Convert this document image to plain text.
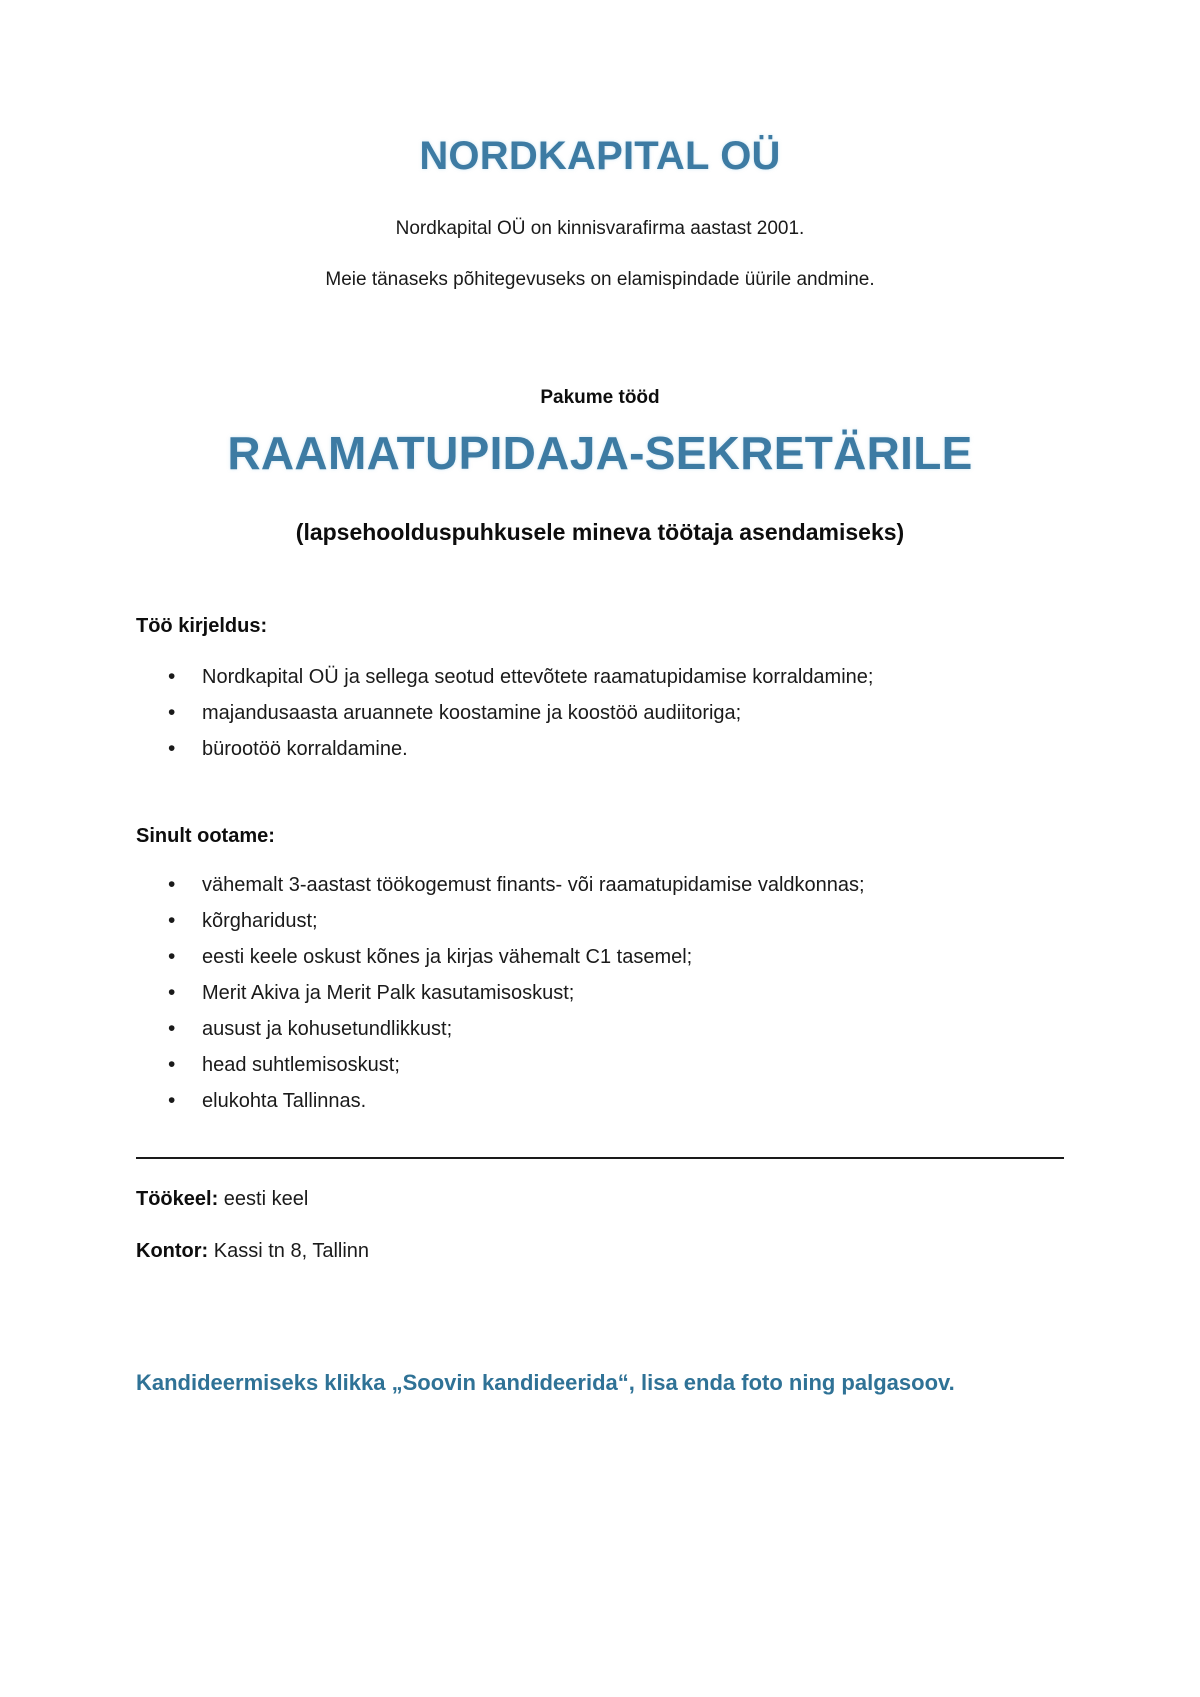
NORDKAPITAL OÜ

Nordkapital OÜ on kinnisvarafirma aastast 2001.

Meie tänaseks põhitegevuseks on elamispindade üürile andmine.

Pakume tööd

RAAMATUPIDAJA-SEKRETÄRILE

(lapsehoolduspuhkusele mineva töötaja asendamiseks)

Töö kirjeldus:
• Nordkapital OÜ ja sellega seotud ettevõtete raamatupidamise korraldamine;
• majandusaasta aruannete koostamine ja koostöö audiitoriga;
• bürootöö korraldamine.
Sinult ootame:
• vähemalt 3-aastast töökogemust finants- või raamatupidamise valdkonnas;
• kõrgharidust;
• eesti keele oskust kõnes ja kirjas vähemalt C1 tasemel;
• Merit Akiva ja Merit Palk kasutamisoskust;
• ausust ja kohusetundlikkust;
• head suhtlemisoskust;
• elukohta Tallinnas.

Töökeel: eesti keel

Kontor: Kassi tn 8, Tallinn

Kandideermiseks klikka „Soovin kandideerida“, lisa enda foto ning palgasoov.
